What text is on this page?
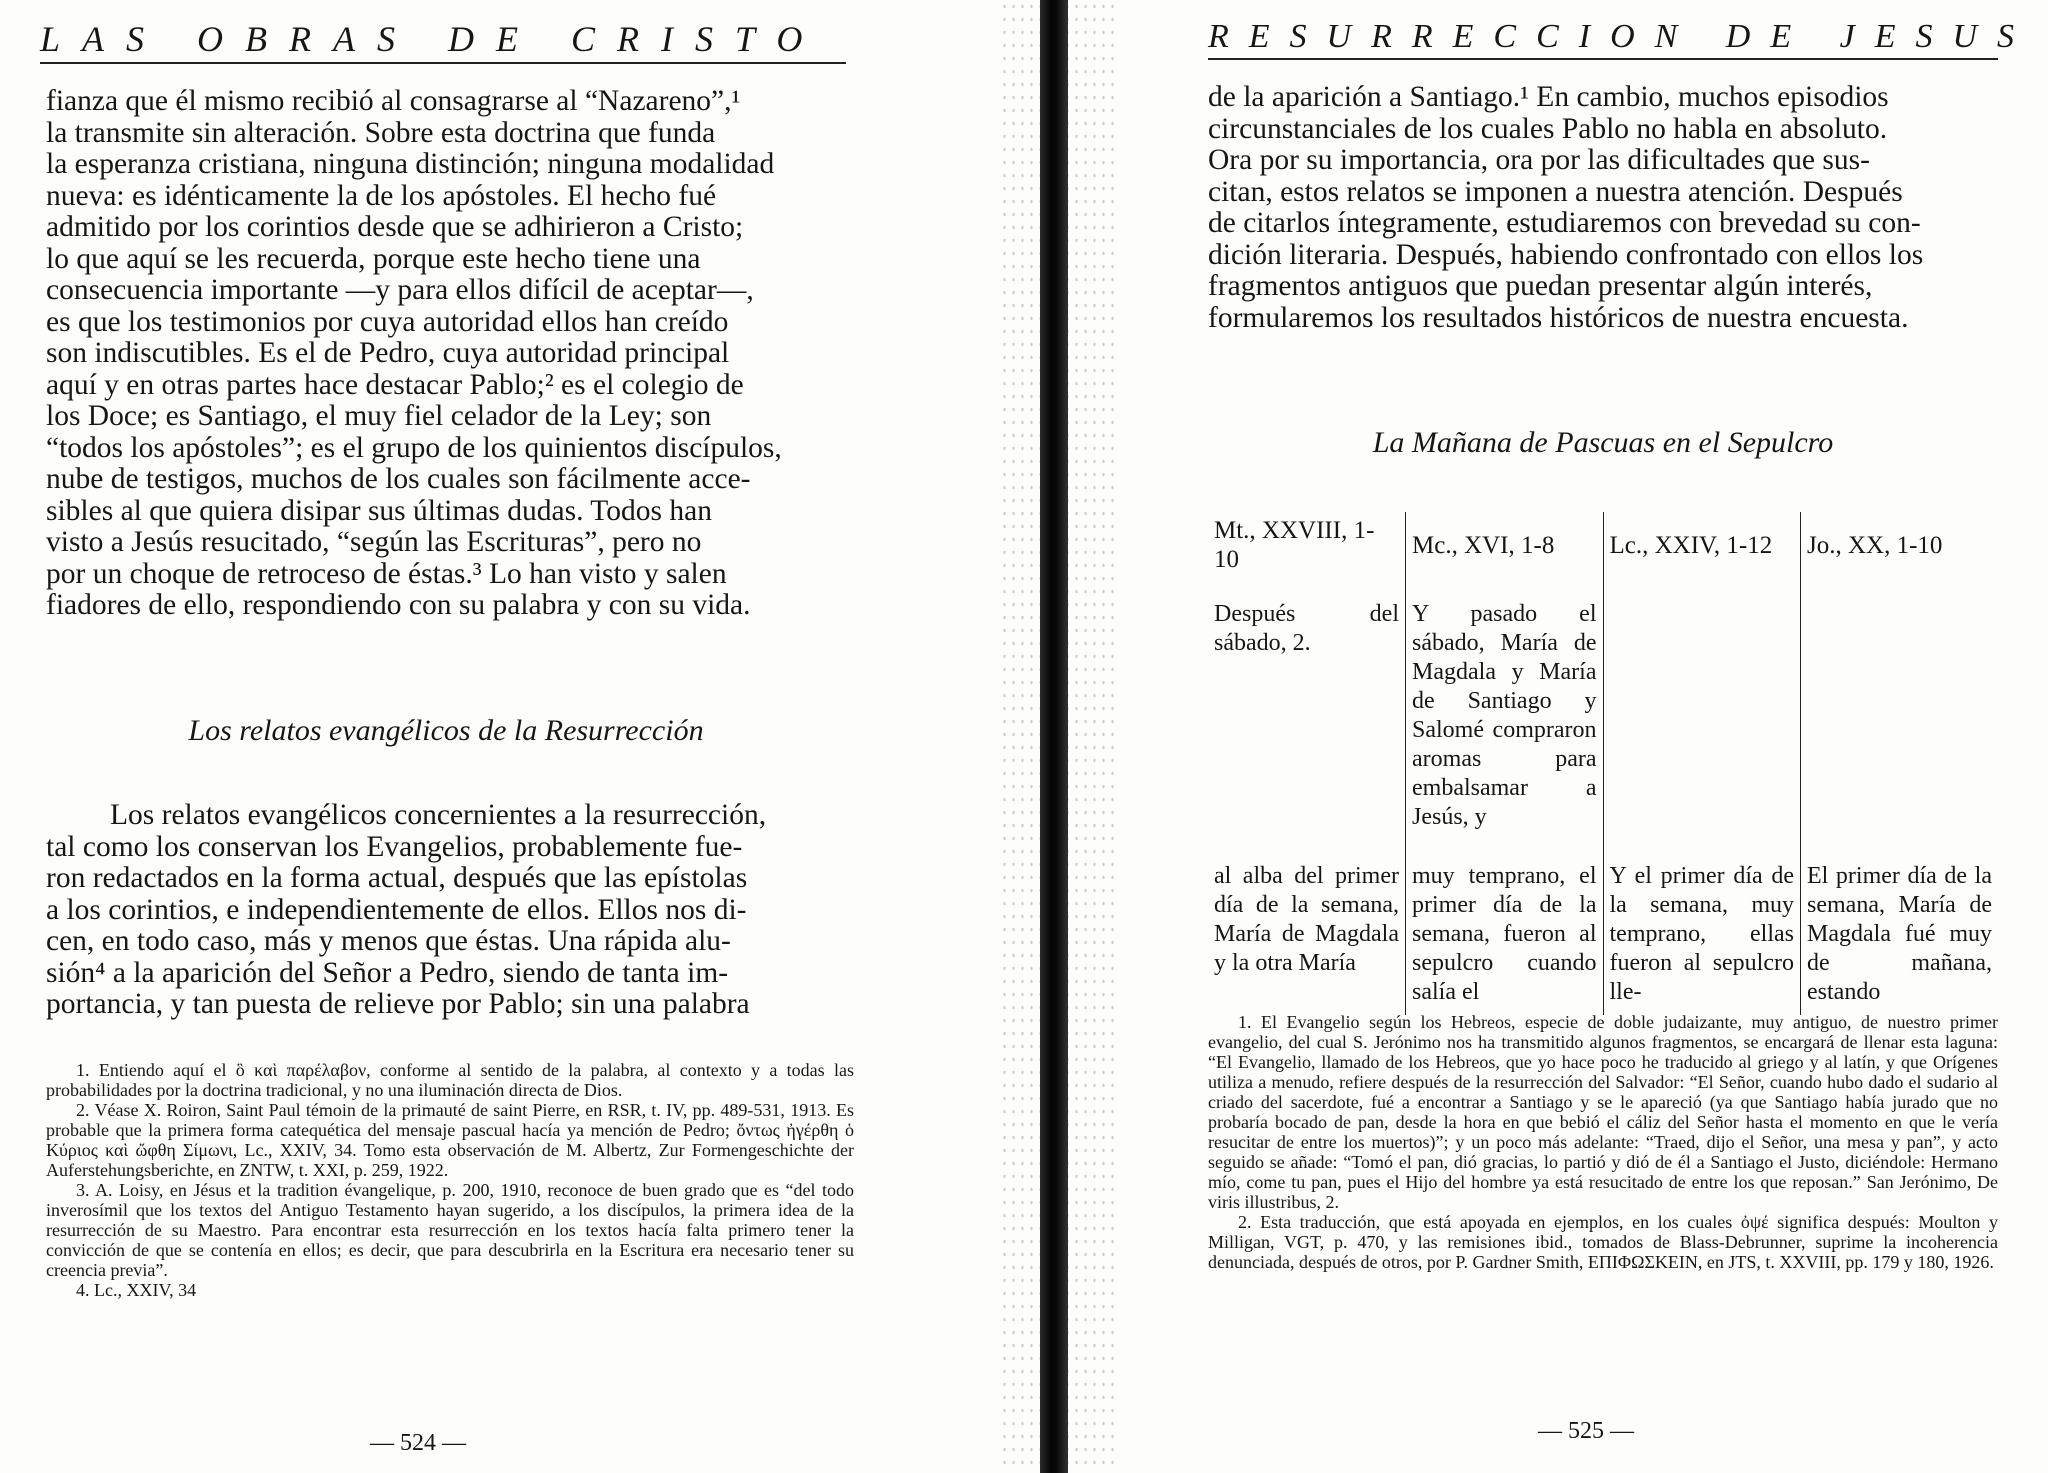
LAS OBRAS DE CRISTO

fianza que él mismo recibió al consagrarse al “Nazareno”,¹

la transmite sin alteración. Sobre esta doctrina que funda

la esperanza cristiana, ninguna distinción; ninguna modalidad

nueva: es idénticamente la de los apóstoles. El hecho fué

admitido por los corintios desde que se adhirieron a Cristo;

lo que aquí se les recuerda, porque este hecho tiene una

consecuencia importante —y para ellos difícil de aceptar—,

es que los testimonios por cuya autoridad ellos han creído

son indiscutibles. Es el de Pedro, cuya autoridad principal

aquí y en otras partes hace destacar Pablo;² es el colegio de

los Doce; es Santiago, el muy fiel celador de la Ley; son

“todos los apóstoles”; es el grupo de los quinientos discípulos,

nube de testigos, muchos de los cuales son fácilmente acce-

sibles al que quiera disipar sus últimas dudas. Todos han

visto a Jesús resucitado, “según las Escrituras”, pero no

por un choque de retroceso de éstas.³ Lo han visto y salen

fiadores de ello, respondiendo con su palabra y con su vida.

Los relatos evangélicos de la Resurrección

Los relatos evangélicos concernientes a la resurrección,

tal como los conservan los Evangelios, probablemente fue-

ron redactados en la forma actual, después que las epístolas

a los corintios, e independientemente de ellos. Ellos nos di-

cen, en todo caso, más y menos que éstas. Una rápida alu-

sión⁴ a la aparición del Señor a Pedro, siendo de tanta im-

portancia, y tan puesta de relieve por Pablo; sin una palabra

1. Entiendo aquí el ὃ καὶ παρέλαβον, conforme al sentido de la palabra, al contexto y a todas las probabilidades por la doctrina tradicional, y no una iluminación directa de Dios.

2. Véase X. Roiron, Saint Paul témoin de la primauté de saint Pierre, en RSR, t. IV, pp. 489-531, 1913. Es probable que la primera forma catequética del mensaje pascual hacía ya mención de Pedro; ὄντως ἠγέρθη ὁ Κύριος καὶ ὤφθη Σίμωνι, Lc., XXIV, 34. Tomo esta observación de M. Albertz, Zur Formengeschichte der Auferstehungsberichte, en ZNTW, t. XXI, p. 259, 1922.

3. A. Loisy, en Jésus et la tradition évangelique, p. 200, 1910, reconoce de buen grado que es “del todo inverosímil que los textos del Antiguo Testamento hayan sugerido, a los discípulos, la primera idea de la resurrección de su Maestro. Para encontrar esta resurrección en los textos hacía falta primero tener la convicción de que se contenía en ellos; es decir, que para descubrirla en la Escritura era necesario tener su creencia previa”.

4. Lc., XXIV, 34

— 524 —
RESURRECCION DE JESUS

de la aparición a Santiago.¹ En cambio, muchos episodios

circunstanciales de los cuales Pablo no habla en absoluto.

Ora por su importancia, ora por las dificultades que sus-

citan, estos relatos se imponen a nuestra atención. Después

de citarlos íntegramente, estudiaremos con brevedad su con-

dición literaria. Después, habiendo confrontado con ellos los

fragmentos antiguos que puedan presentar algún interés,

formularemos los resultados históricos de nuestra encuesta.

La Mañana de Pascuas en el Sepulcro
Mt., XXVIII, 1-10	Mc., XVI, 1-8	Lc., XXIV, 1-12	Jo., XX, 1-10
Después del sábado, 2.	Y pasado el sábado, María de Magdala y María de Santiago y Salomé compraron aromas para embalsamar a Jesús, y		
al alba del primer día de la semana, María de Magdala y la otra María	muy temprano, el primer día de la semana, fueron al sepulcro cuando salía el	Y el primer día de la semana, muy temprano, ellas fueron al sepulcro lle-	El primer día de la semana, María de Magdala fué muy de mañana, estando

1. El Evangelio según los Hebreos, especie de doble judaizante, muy antiguo, de nuestro primer evangelio, del cual S. Jerónimo nos ha transmitido algunos fragmentos, se encargará de llenar esta laguna: “El Evangelio, llamado de los Hebreos, que yo hace poco he traducido al griego y al latín, y que Orígenes utiliza a menudo, refiere después de la resurrección del Salvador: “El Señor, cuando hubo dado el sudario al criado del sacerdote, fué a encontrar a Santiago y se le apareció (ya que Santiago había jurado que no probaría bocado de pan, desde la hora en que bebió el cáliz del Señor hasta el momento en que le vería resucitar de entre los muertos)”; y un poco más adelante: “Traed, dijo el Señor, una mesa y pan”, y acto seguido se añade: “Tomó el pan, dió gracias, lo partió y dió de él a Santiago el Justo, diciéndole: Hermano mío, come tu pan, pues el Hijo del hombre ya está resucitado de entre los que reposan.” San Jerónimo, De viris illustribus, 2.

2. Esta traducción, que está apoyada en ejemplos, en los cuales ὀψέ significa después: Moulton y Milligan, VGT, p. 470, y las remisiones ibid., tomados de Blass-Debrunner, suprime la incoherencia denunciada, después de otros, por P. Gardner Smith, ΕΠΙΦΩΣΚΕΙΝ, en JTS, t. XXVIII, pp. 179 y 180, 1926.

— 525 —
